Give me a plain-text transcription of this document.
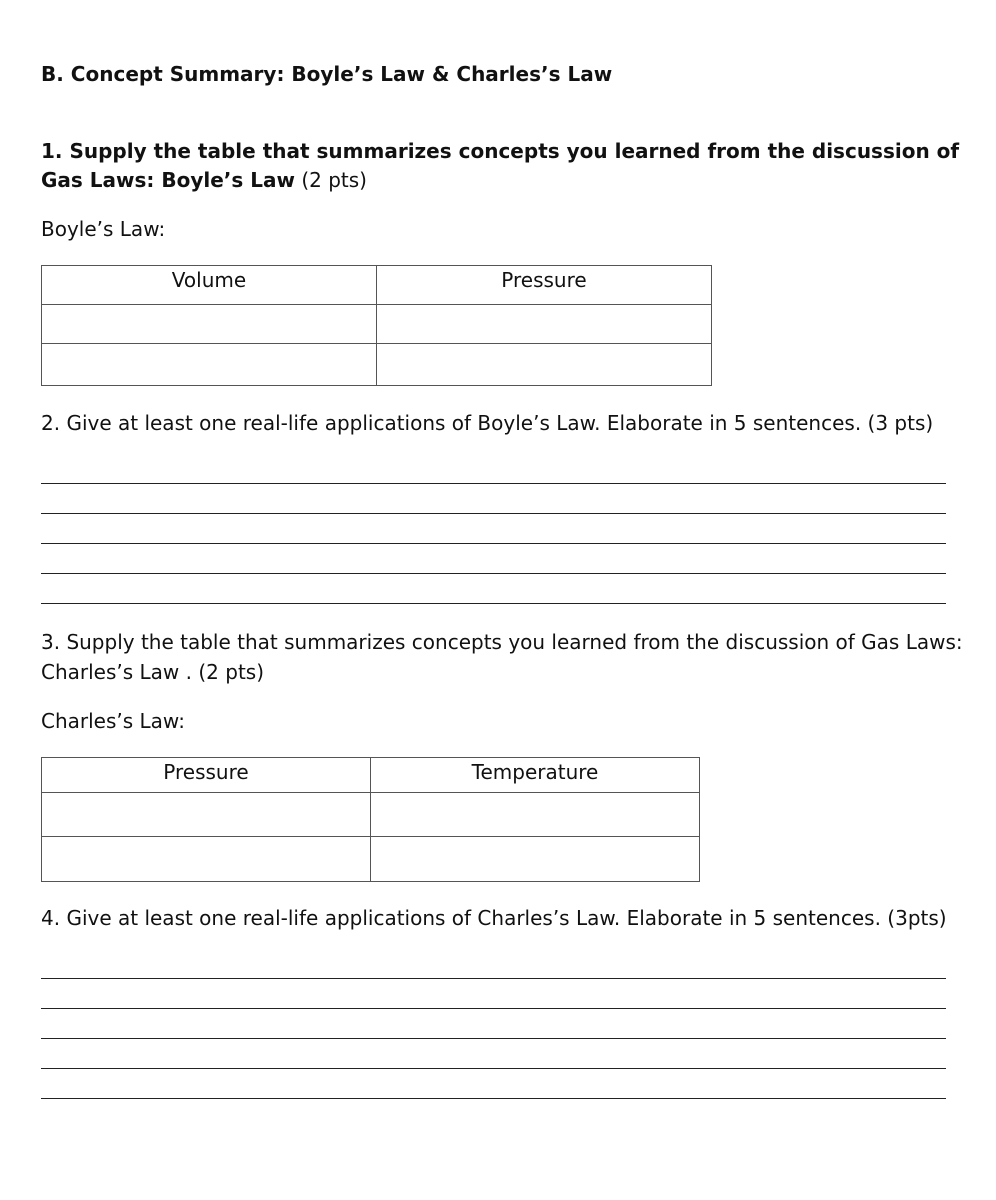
B. Concept Summary: Boyle’s Law & Charles’s Law
1. Supply the table that summarizes concepts you learned from the discussion of
Gas Laws: Boyle’s Law (2 pts)
Boyle’s Law:
Volume	Pressure

2. Give at least one real-life applications of Boyle’s Law. Elaborate in 5 sentences. (3 pts)
3. Supply the table that summarizes concepts you learned from the discussion of Gas Laws:
Charles’s Law . (2 pts)
Charles’s Law:
Pressure	Temperature

4. Give at least one real-life applications of Charles’s Law. Elaborate in 5 sentences. (3pts)
